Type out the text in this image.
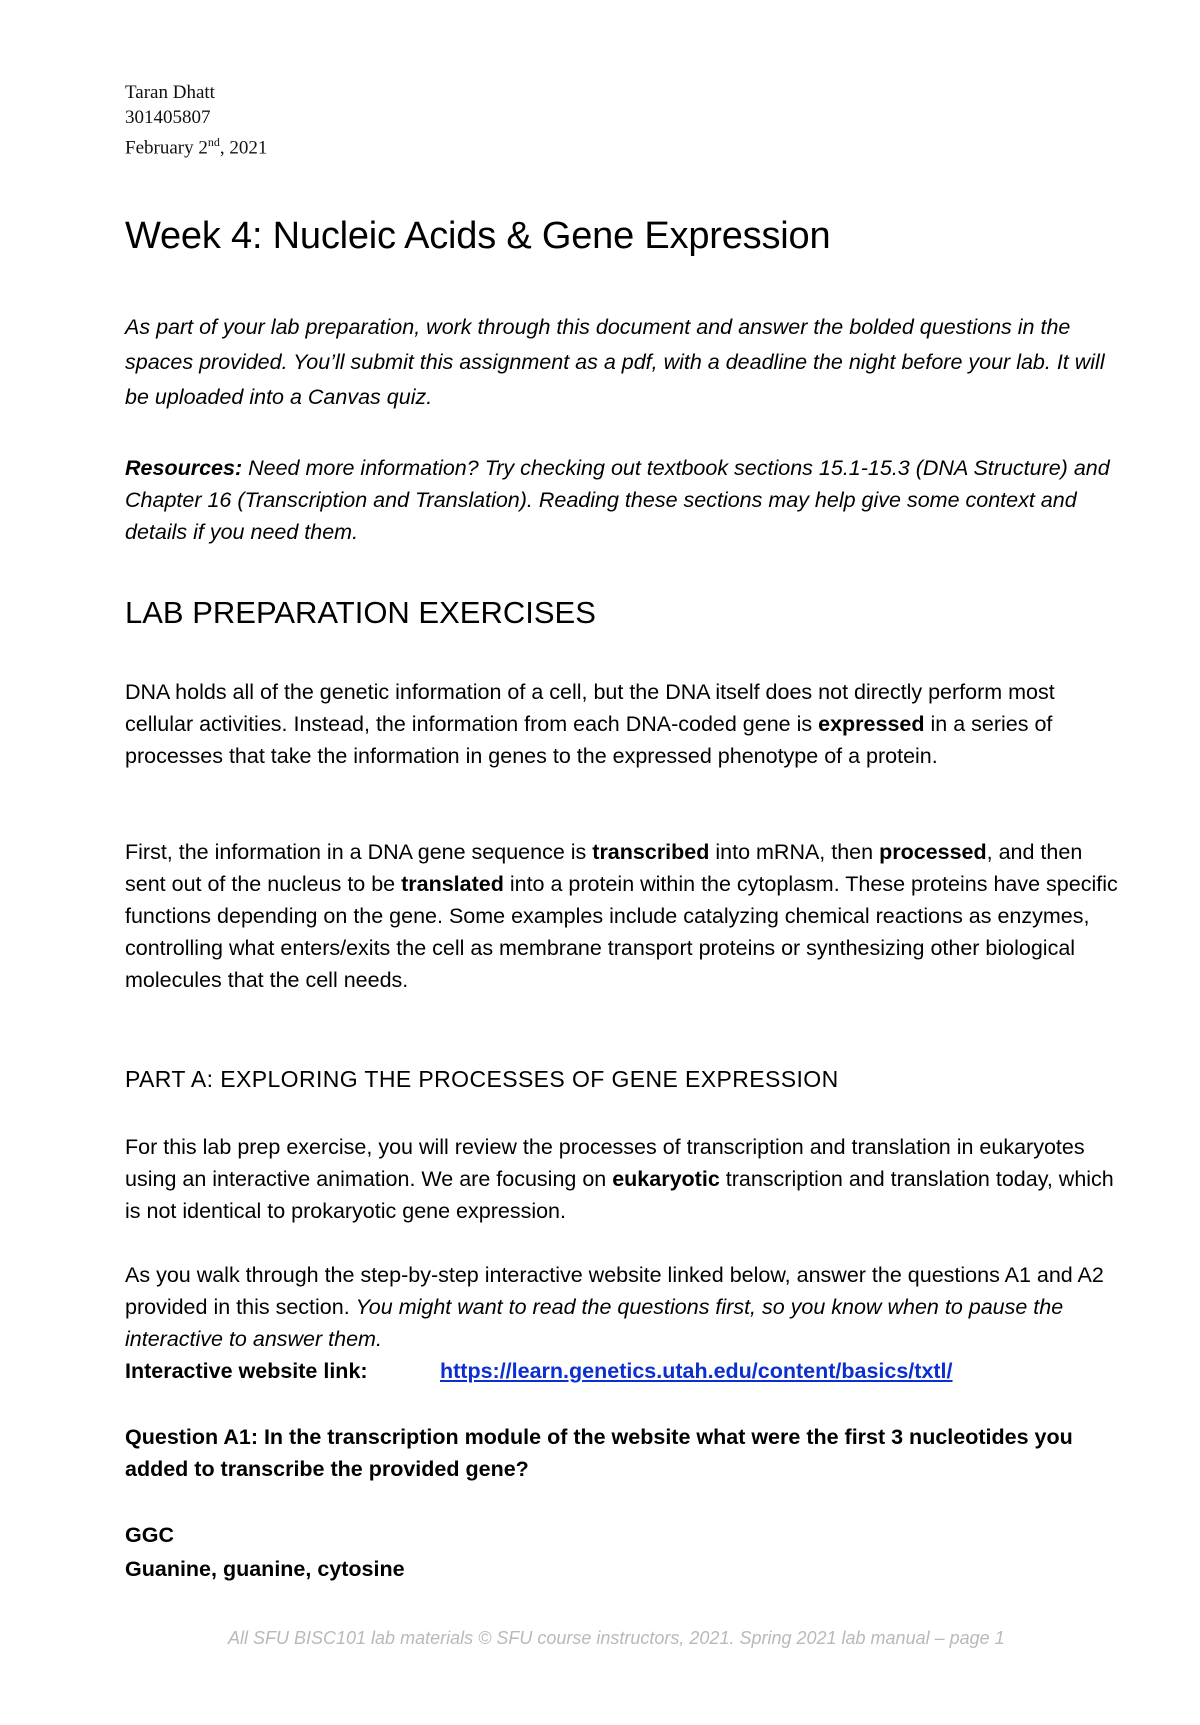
Taran Dhatt
301405807
February 2nd, 2021
Week 4: Nucleic Acids & Gene Expression

As part of your lab preparation, work through this document and answer the bolded questions in the spaces provided. You’ll submit this assignment as a pdf, with a deadline the night before your lab. It will be uploaded into a Canvas quiz.

Resources: Need more information? Try checking out textbook sections 15.1-15.3 (DNA Structure) and Chapter 16 (Transcription and Translation). Reading these sections may help give some context and details if you need them.

LAB PREPARATION EXERCISES

DNA holds all of the genetic information of a cell, but the DNA itself does not directly perform most cellular activities. Instead, the information from each DNA-coded gene is expressed in a series of processes that take the information in genes to the expressed phenotype of a protein.

First, the information in a DNA gene sequence is transcribed into mRNA, then processed, and then sent out of the nucleus to be translated into a protein within the cytoplasm. These proteins have specific functions depending on the gene. Some examples include catalyzing chemical reactions as enzymes, controlling what enters/exits the cell as membrane transport proteins or synthesizing other biological molecules that the cell needs.

PART A: EXPLORING THE PROCESSES OF GENE EXPRESSION

For this lab prep exercise, you will review the processes of transcription and translation in eukaryotes using an interactive animation. We are focusing on eukaryotic transcription and translation today, which is not identical to prokaryotic gene expression.

As you walk through the step-by-step interactive website linked below, answer the questions A1 and A2 provided in this section. You might want to read the questions first, so you know when to pause the interactive to answer them.
Interactive website link:	https://learn.genetics.utah.edu/content/basics/txtl/

Question A1: In the transcription module of the website what were the first 3 nucleotides you added to transcribe the provided gene?

GGC
Guanine, guanine, cytosine
All SFU BISC101 lab materials © SFU course instructors, 2021. Spring 2021 lab manual – page 1
